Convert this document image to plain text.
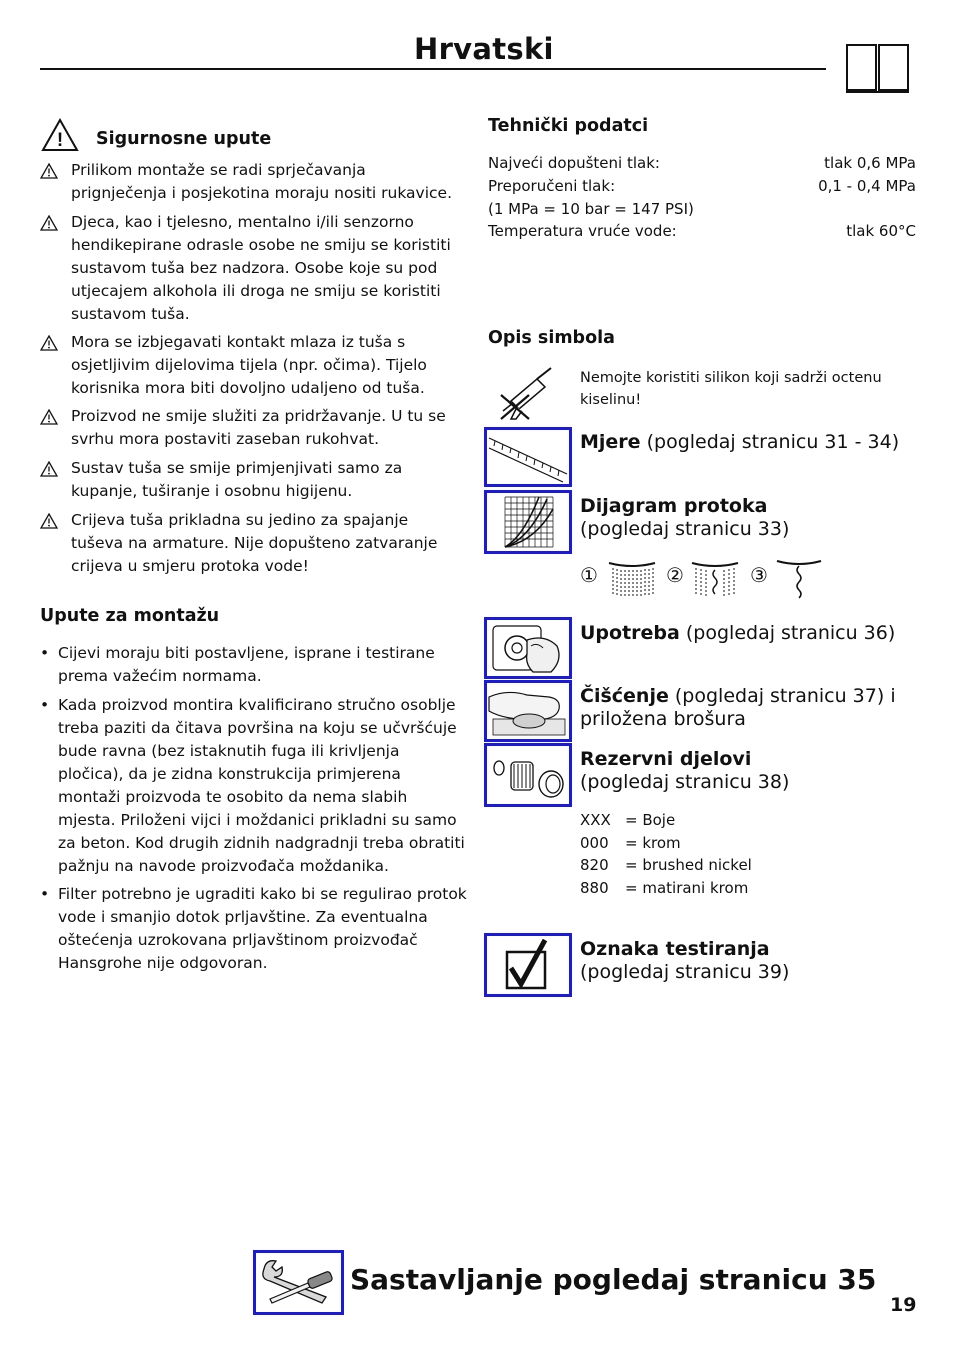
Hrvatski
! Sigurnosne upute
Prilikom montaže se radi sprječavanja prignječenja i posjekotina moraju nositi rukavice.
Djeca, kao i tjelesno, mentalno i/ili senzorno hendikepirane odrasle osobe ne smiju se koristiti sustavom tuša bez nadzora. Osobe koje su pod utjecajem alkohola ili droga ne smiju se koristiti sustavom tuša.
Mora se izbjegavati kontakt mlaza iz tuša s osjetljivim dijelovima tijela (npr. očima). Tijelo korisnika mora biti dovoljno udaljeno od tuša.
Proizvod ne smije služiti za pridržavanje. U tu se svrhu mora postaviti zaseban rukohvat.
Sustav tuša se smije primjenjivati samo za kupanje, tuširanje i osobnu higijenu.
Crijeva tuša prikladna su jedino za spajanje tuševa na armature. Nije dopušteno zatvaranje crijeva u smjeru protoka vode!
Upute za montažu
• Cijevi moraju biti postavljene, isprane i testirane prema važećim normama.
• Kada proizvod montira kvalificirano stručno osoblje treba paziti da čitava površina na koju se učvršćuje bude ravna (bez istaknutih fuga ili krivljenja pločica), da je zidna konstrukcija primjerena montaži proizvoda te osobito da nema slabih mjesta. Priloženi vijci i moždanici prikladni su samo za beton. Kod drugih zidnih nadgradnji treba obratiti pažnju na navode proizvođača moždanika.
• Filter potrebno je ugraditi kako bi se regulirao protok vode i smanjio dotok prljavštine. Za eventualna oštećenja uzrokovana prljavštinom proizvođač Hansgrohe nije odgovoran.
Tehnički podatci
Najveći dopušteni tlak:	tlak 0,6 MPa
Preporučeni tlak:	0,1 - 0,4 MPa
(1 MPa = 10 bar = 147 PSI)
Temperatura vruće vode:	tlak 60°C
Opis simbola
Nemojte koristiti silikon koji sadrži octenu kiselinu!
Mjere (pogledaj stranicu 31 - 34)
Dijagram protoka
(pogledaj stranicu 33)
①	②	③
Upotreba (pogledaj stranicu 36)
Čišćenje (pogledaj stranicu 37) i priložena brošura
Rezervni djelovi
(pogledaj stranicu 38)
XXX = Boje
000	= krom
820	= brushed nickel
880	= matirani krom
Oznaka testiranja
(pogledaj stranicu 39)
Sastavljanje pogledaj stranicu 35
19
